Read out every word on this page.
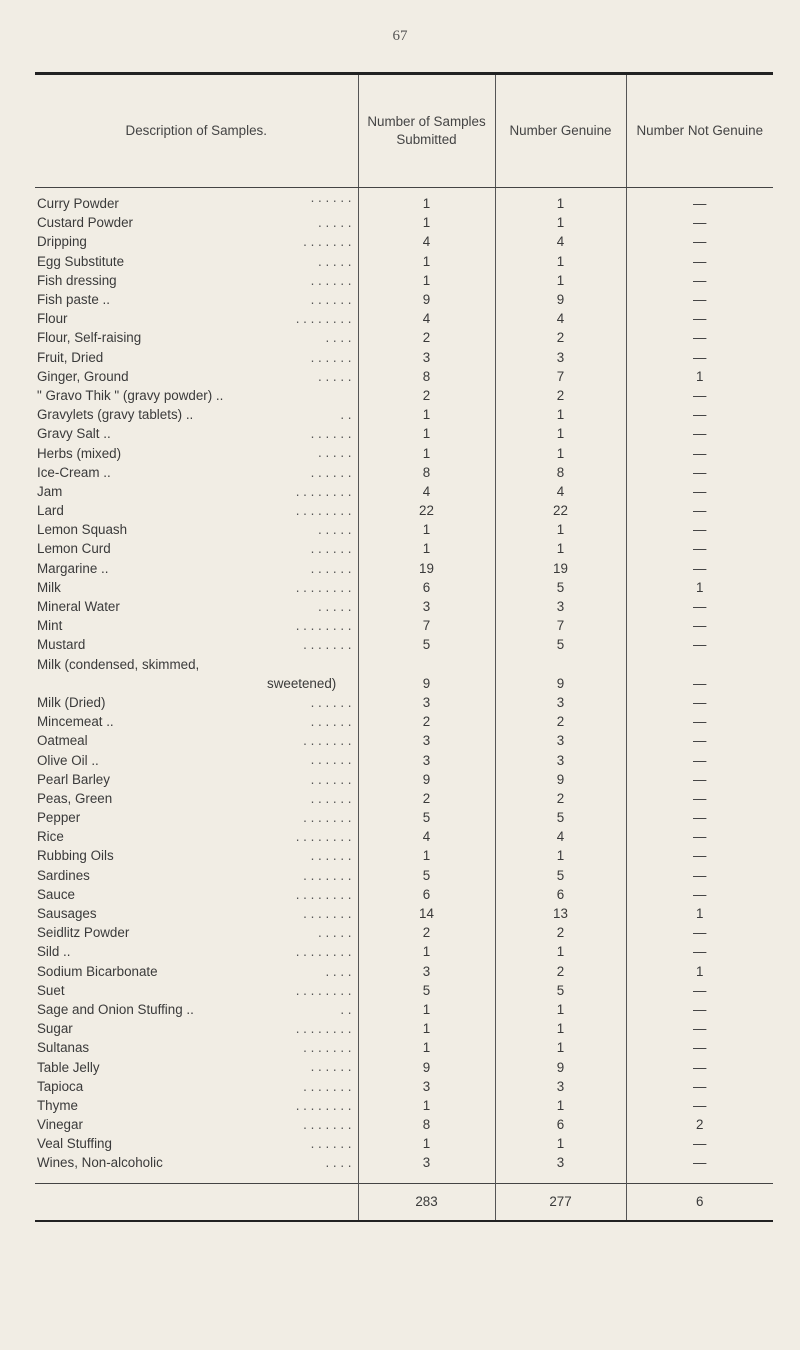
67
Description of Samples.	Number of Samples Submitted	Number Genuine	Number Not Genuine
Curry Powder . . . . . .	1	1	—
Custard Powder . . . . .	1	1	—
Dripping . . . . . . .	4	4	—
Egg Substitute . . . . .	1	1	—
Fish dressing . . . . . .	1	1	—
Fish paste .. . . . . . .	9	9	—
Flour . . . . . . . .	4	4	—
Flour, Self-raising . . . .	2	2	—
Fruit, Dried . . . . . .	3	3	—
Ginger, Ground . . . . .	8	7	1
" Gravo Thik " (gravy powder) ..	2	2	—
Gravylets (gravy tablets) .. . .	1	1	—
Gravy Salt .. . . . . . .	1	1	—
Herbs (mixed) . . . . .	1	1	—
Ice-Cream .. . . . . . .	8	8	—
Jam . . . . . . . .	4	4	—
Lard . . . . . . . .	22	22	—
Lemon Squash . . . . .	1	1	—
Lemon Curd . . . . . .	1	1	—
Margarine .. . . . . . .	19	19	—
Milk . . . . . . . .	6	5	1
Mineral Water . . . . .	3	3	—
Mint . . . . . . . .	7	7	—
Mustard . . . . . . .	5	5	—
Milk (condensed, skimmed,			
sweetened)	9	9	—
Milk (Dried) . . . . . .	3	3	—
Mincemeat .. . . . . . .	2	2	—
Oatmeal . . . . . . .	3	3	—
Olive Oil .. . . . . . .	3	3	—
Pearl Barley . . . . . .	9	9	—
Peas, Green . . . . . .	2	2	—
Pepper . . . . . . .	5	5	—
Rice . . . . . . . .	4	4	—
Rubbing Oils . . . . . .	1	1	—
Sardines . . . . . . .	5	5	—
Sauce . . . . . . . .	6	6	—
Sausages . . . . . . .	14	13	1
Seidlitz Powder . . . . .	2	2	—
Sild .. . . . . . . . .	1	1	—
Sodium Bicarbonate . . . .	3	2	1
Suet . . . . . . . .	5	5	—
Sage and Onion Stuffing .. . .	1	1	—
Sugar . . . . . . . .	1	1	—
Sultanas . . . . . . .	1	1	—
Table Jelly . . . . . .	9	9	—
Tapioca . . . . . . .	3	3	—
Thyme . . . . . . . .	1	1	—
Vinegar . . . . . . .	8	6	2
Veal Stuffing . . . . . .	1	1	—
Wines, Non-alcoholic . . . .	3	3	—
	283	277	6
